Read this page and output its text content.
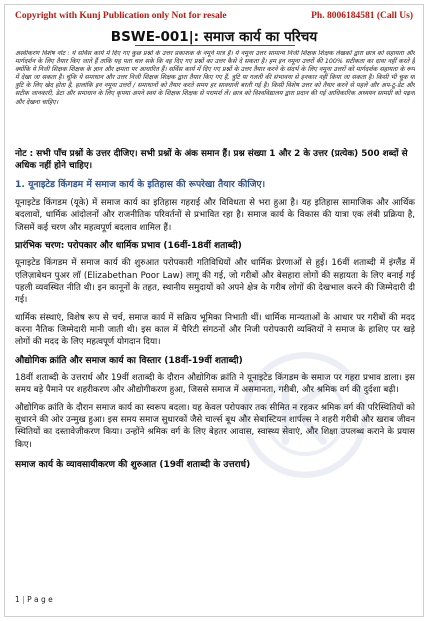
Copyright with Kunj Publication only Not for resale	Ph. 8006184581 (Call Us)
BSWE-001|: समाज कार्य का परिचय
अस्वीकरण विशेष नोट : ये सर्विस कार्य में दिए गए कुछ प्रश्नों के उत्तर प्रकाशक के नमूने मात्र हैं। ये नमूना उत्तर सामान्य निजी शिक्षक शिक्षक लेखकों द्वारा छात्र को सहायता और मार्गदर्शन के लिए तैयार किए जाते हैं ताकि यह पता चल सके कि वह दिए गए प्रश्नों का उत्तर कैसे दे सकता है। हम इन नमूना उत्तरों की 100% सटीकता का दावा नहीं करते हैं क्योंकि ये निजी शिक्षक शिक्षक के ज्ञान और क्षमता पर आधारित हैं। सर्विस कार्य में दिए गए प्रश्नों के उत्तर तैयार करने के संदर्भ के लिए नमूना उत्तरों को मार्गदर्शक सहायता के रूप में देखा जा सकता है। चूंकि ये समाधान और उत्तर निजी शिक्षक शिक्षक द्वारा तैयार किए गए हैं, त्रुटि या गलती की संभावना से इनकार नहीं किया जा सकता है। किसी भी चूक या त्रुटि के लिए खेद होता है, हालांकि इन नमूना उत्तरों / समाधानों को तैयार करते समय हर सावधानी बरती गई है। किसी विशेष उत्तर को तैयार करने से पहले और अप-टू-डेट और सटीक जानकारी, डेटा और समाधान के लिए कृपया अपने स्वयं के शिक्षक शिक्षक से परामर्श लें। छात्र को विश्वविद्यालय द्वारा प्रदान की गई आधिकारिक अध्ययन सामग्री को पढ़ना और देखना चाहिए।

नोट : सभी पाँच प्रश्नों के उत्तर दीजिए। सभी प्रश्नों के अंक समान हैं। प्रश्न संख्या 1 और 2 के उत्तर (प्रत्येक) 500 शब्दों से अधिक नहीं होने चाहिए।

1. यूनाइटेड किंगडम में समाज कार्य के इतिहास की रूपरेखा तैयार कीजिए।

यूनाइटेड किंगडम (यूके) में समाज कार्य का इतिहास गहराई और विविधता से भरा हुआ है। यह इतिहास सामाजिक और आर्थिक बदलावों, धार्मिक आंदोलनों और राजनीतिक परिवर्तनों से प्रभावित रहा है। समाज कार्य के विकास की यात्रा एक लंबी प्रक्रिया है, जिसमें कई चरण और महत्वपूर्ण बदलाव शामिल हैं।

प्रारंभिक चरण: परोपकार और धार्मिक प्रभाव (16वीं-18वीं शताब्दी)

यूनाइटेड किंगडम में समाज कार्य की शुरुआत परोपकारी गतिविधियों और धार्मिक प्रेरणाओं से हुई। 16वीं शताब्दी में इंग्लैंड में एलिज़ाबेथन पुअर लॉ (Elizabethan Poor Law) लागू की गई, जो गरीबों और बेसहारा लोगों की सहायता के लिए बनाई गई पहली व्यवस्थित नीति थी। इन कानूनों के तहत, स्थानीय समुदायों को अपने क्षेत्र के गरीब लोगों की देखभाल करने की जिम्मेदारी दी गई।

धार्मिक संस्थाएं, विशेष रूप से चर्च, समाज कार्य में सक्रिय भूमिका निभाती थीं। धार्मिक मान्यताओं के आधार पर गरीबों की मदद करना नैतिक जिम्मेदारी मानी जाती थी। इस काल में चैरिटी संगठनों और निजी परोपकारी व्यक्तियों ने समाज के हाशिए पर खड़े लोगों की मदद के लिए महत्वपूर्ण योगदान दिया।

औद्योगिक क्रांति और समाज कार्य का विस्तार (18वीं-19वीं शताब्दी)

18वीं शताब्दी के उत्तरार्ध और 19वीं शताब्दी के दौरान औद्योगिक क्रांति ने यूनाइटेड किंगडम के समाज पर गहरा प्रभाव डाला। इस समय बड़े पैमाने पर शहरीकरण और औद्योगीकरण हुआ, जिससे समाज में असमानता, गरीबी, और श्रमिक वर्ग की दुर्दशा बढ़ी।

औद्योगिक क्रांति के दौरान समाज कार्य का स्वरूप बदला। यह केवल परोपकार तक सीमित न रहकर श्रमिक वर्ग की परिस्थितियों को सुधारने की ओर उन्मुख हुआ। इस समय समाज सुधारकों जैसे चार्ल्स बूथ और सेबास्टियन शार्पल्स ने शहरी गरीबी और खराब जीवन स्थितियों का दस्तावेजीकरण किया। उन्होंने श्रमिक वर्ग के लिए बेहतर आवास, स्वास्थ्य सेवाएं, और शिक्षा उपलब्ध कराने के प्रयास किए।

समाज कार्य के व्यावसायीकरण की शुरुआत (19वीं शताब्दी के उत्तरार्ध)

1 | P a g e
